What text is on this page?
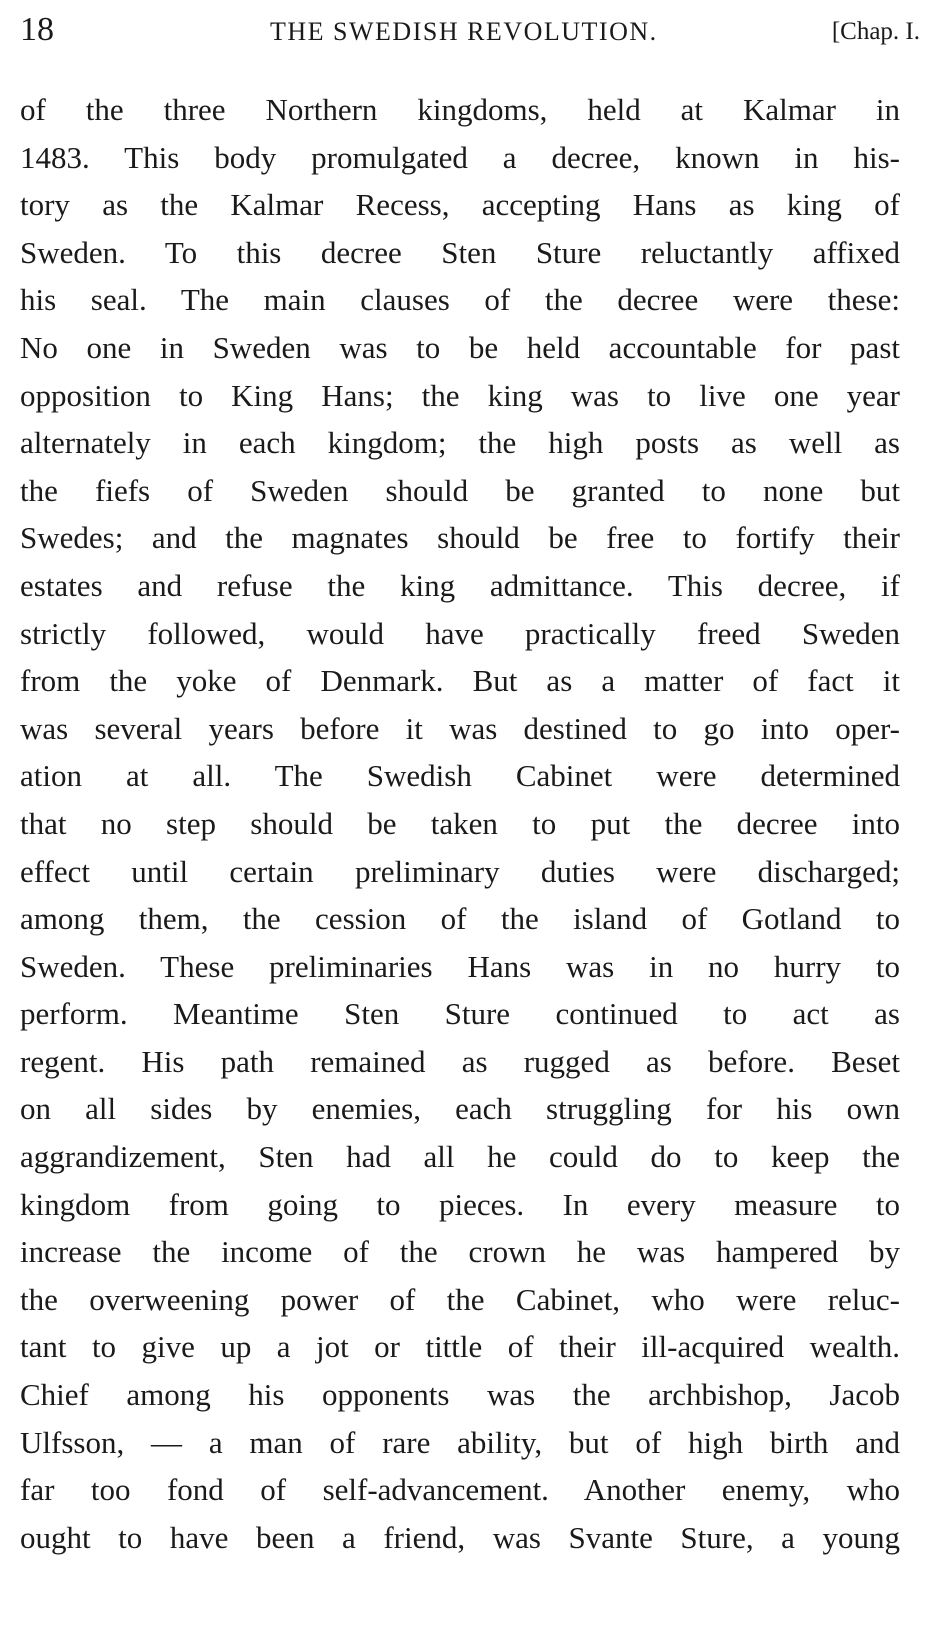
18	THE SWEDISH REVOLUTION.	[Chap. I.
of the three Northern kingdoms, held at Kalmar in
1483. This body promulgated a decree, known in his-
tory as the Kalmar Recess, accepting Hans as king of
Sweden. To this decree Sten Sture reluctantly affixed
his seal. The main clauses of the decree were these:
No one in Sweden was to be held accountable for past
opposition to King Hans; the king was to live one year
alternately in each kingdom; the high posts as well as
the fiefs of Sweden should be granted to none but
Swedes; and the magnates should be free to fortify their
estates and refuse the king admittance. This decree, if
strictly followed, would have practically freed Sweden
from the yoke of Denmark. But as a matter of fact it
was several years before it was destined to go into oper-
ation at all. The Swedish Cabinet were determined
that no step should be taken to put the decree into
effect until certain preliminary duties were discharged;
among them, the cession of the island of Gotland to
Sweden. These preliminaries Hans was in no hurry to
perform. Meantime Sten Sture continued to act as
regent. His path remained as rugged as before. Beset
on all sides by enemies, each struggling for his own
aggrandizement, Sten had all he could do to keep the
kingdom from going to pieces. In every measure to
increase the income of the crown he was hampered by
the overweening power of the Cabinet, who were reluc-
tant to give up a jot or tittle of their ill-acquired wealth.
Chief among his opponents was the archbishop, Jacob
Ulfsson, — a man of rare ability, but of high birth and
far too fond of self-advancement. Another enemy, who
ought to have been a friend, was Svante Sture, a young
